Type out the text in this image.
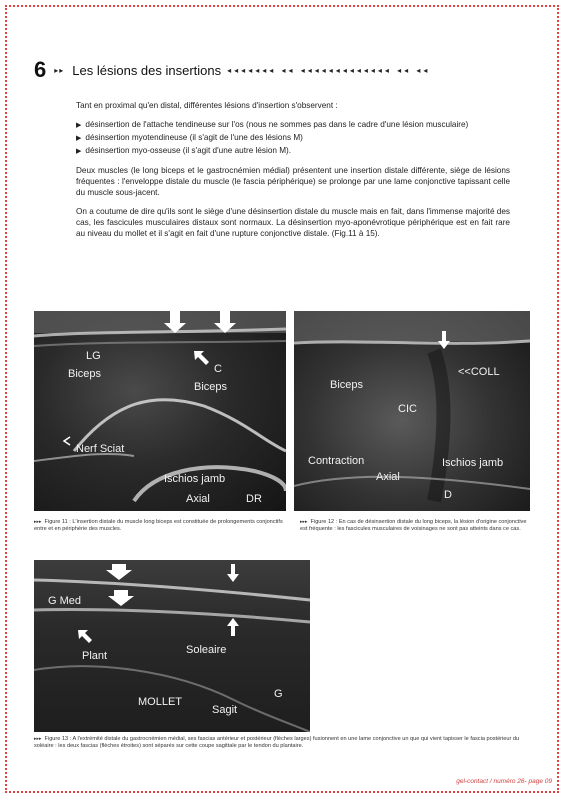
6 ▸▸ Les lésions des insertions ◂◂◂◂◂◂◂ ◂◂ ◂◂◂◂◂◂◂◂◂◂◂◂◂ ◂◂ ◂◂

Tant en proximal qu'en distal, différentes lésions d'insertion s'observent :

▶ désinsertion de l'attache tendineuse sur l'os (nous ne sommes pas dans le cadre d'une lésion musculaire)
▶ désinsertion myotendineuse (il s'agit de l'une des lésions M)
▶ désinsertion myo-osseuse (il s'agit d'une autre lésion M).

Deux muscles (le long biceps et le gastrocnémien médial) présentent une insertion distale différente, siège de lésions fréquentes : l'enveloppe distale du muscle (le fascia périphérique) se prolonge par une lame conjonctive tapissant celle du muscle sous-jacent.

On a coutume de dire qu'ils sont le siège d'une désinsertion distale du muscle mais en fait, dans l'immense majorité des cas, les fascicules musculaires distaux sont normaux. La désinsertion myo-aponévrotique périphérique est en fait rare au niveau du mollet et il s'agit en fait d'une rupture conjonctive distale. (Fig.11 à 15).

LG
Biceps	C
Biceps
Nerf Sciat
Ischios jamb
Axial	DR
▸▸▸ Figure 11 : L'insertion distale du muscle long biceps est constituée de prolongements conjonctifs entre et en périphérie des muscles.
<<COLL
Biceps
CIC
Contraction
Axial
Ischios jamb
D
▸▸▸ Figure 12 : En cas de désinsertion distale du long biceps, la lésion d'origine conjonctive est fréquente : les fascicules musculaires de voisinages ne sont pas atteints dans ce cas.
G Med
Plant	Soleaire
MOLLET
Sagit
G
▸▸▸ Figure 13 : A l'extrémité distale du gastrocnémien médial, ses fascias antérieur et postérieur (flèches larges) fusionnent en une lame conjonctive un que qui vient tapisser le fascia postérieur du soléaire : les deux fascias (flèches étroites) sont séparés sur cette coupe sagittale par le tendon du plantaire.
gel-contact / numéro 26- page 09
